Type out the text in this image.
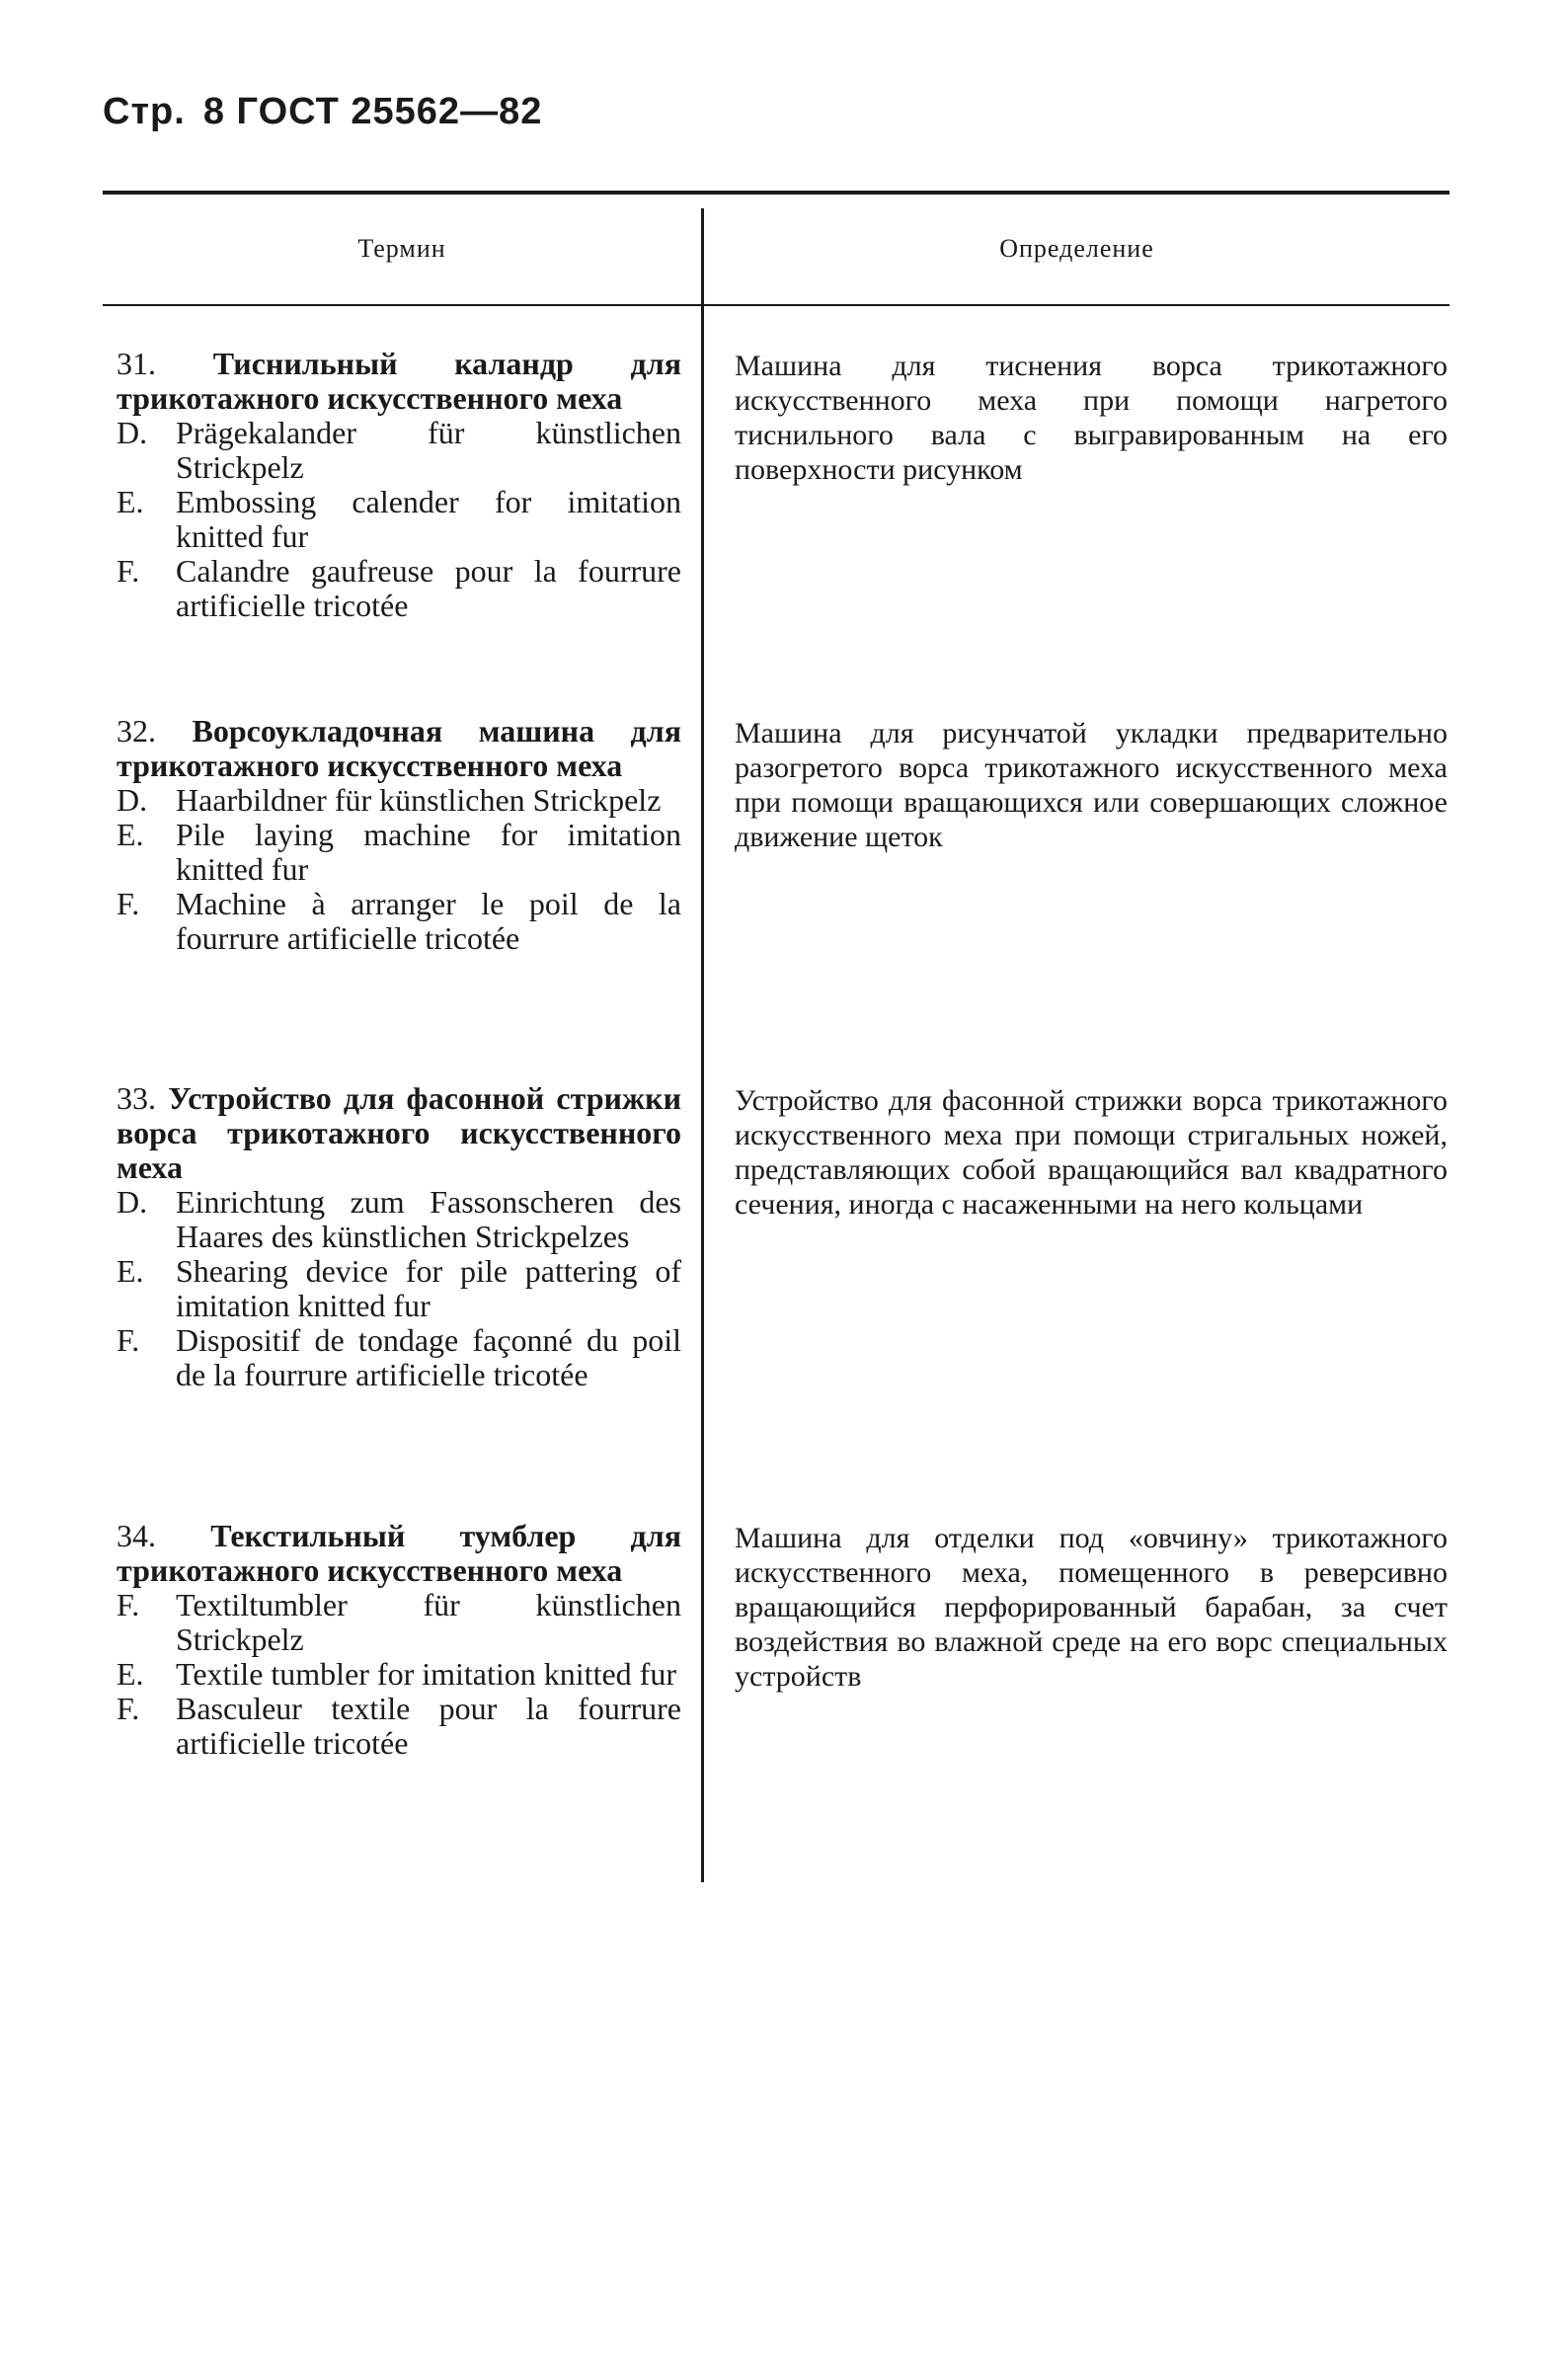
Стр. 8 ГОСТ 25562—82
Термин	Определение
31. Тиснильный каландр для трикотажного искусственного меха
D. Prägekalander für künstlichen Strickpelz
E. Embossing calender for imitation knitted fur
F. Calandre gaufreuse pour la fourrure artificielle tricotée
Машина для тиснения ворса трикотажного искусственного меха при помощи нагретого тиснильного вала с выгравированным на его поверхности рисунком
32. Ворсоукладочная машина для трикотажного искусственного меха
D. Haarbildner für künstlichen Strickpelz
E. Pile laying machine for imitation knitted fur
F. Machine à arranger le poil de la fourrure artificielle tricotée
Машина для рисунчатой укладки предварительно разогретого ворса трикотажного искусственного меха при помощи вращающихся или совершающих сложное движение щеток
33. Устройство для фасонной стрижки ворса трикотажного искусственного меха
D. Einrichtung zum Fassonscheren des Haares des künstlichen Strickpelzes
E. Shearing device for pile pattering of imitation knitted fur
F. Dispositif de tondage façonné du poil de la fourrure artificielle tricotée
Устройство для фасонной стрижки ворса трикотажного искусственного меха при помощи стригальных ножей, представляющих собой вращающийся вал квадратного сечения, иногда с насаженными на него кольцами
34. Текстильный тумблер для трикотажного искусственного меха
F. Textiltumbler für künstlichen Strickpelz
E. Textile tumbler for imitation knitted fur
F. Basculeur textile pour la fourrure artificielle tricotée
Машина для отделки под «овчину» трикотажного искусственного меха, помещенного в реверсивно вращающийся перфорированный барабан, за счет воздействия во влажной среде на его ворс специальных устройств
